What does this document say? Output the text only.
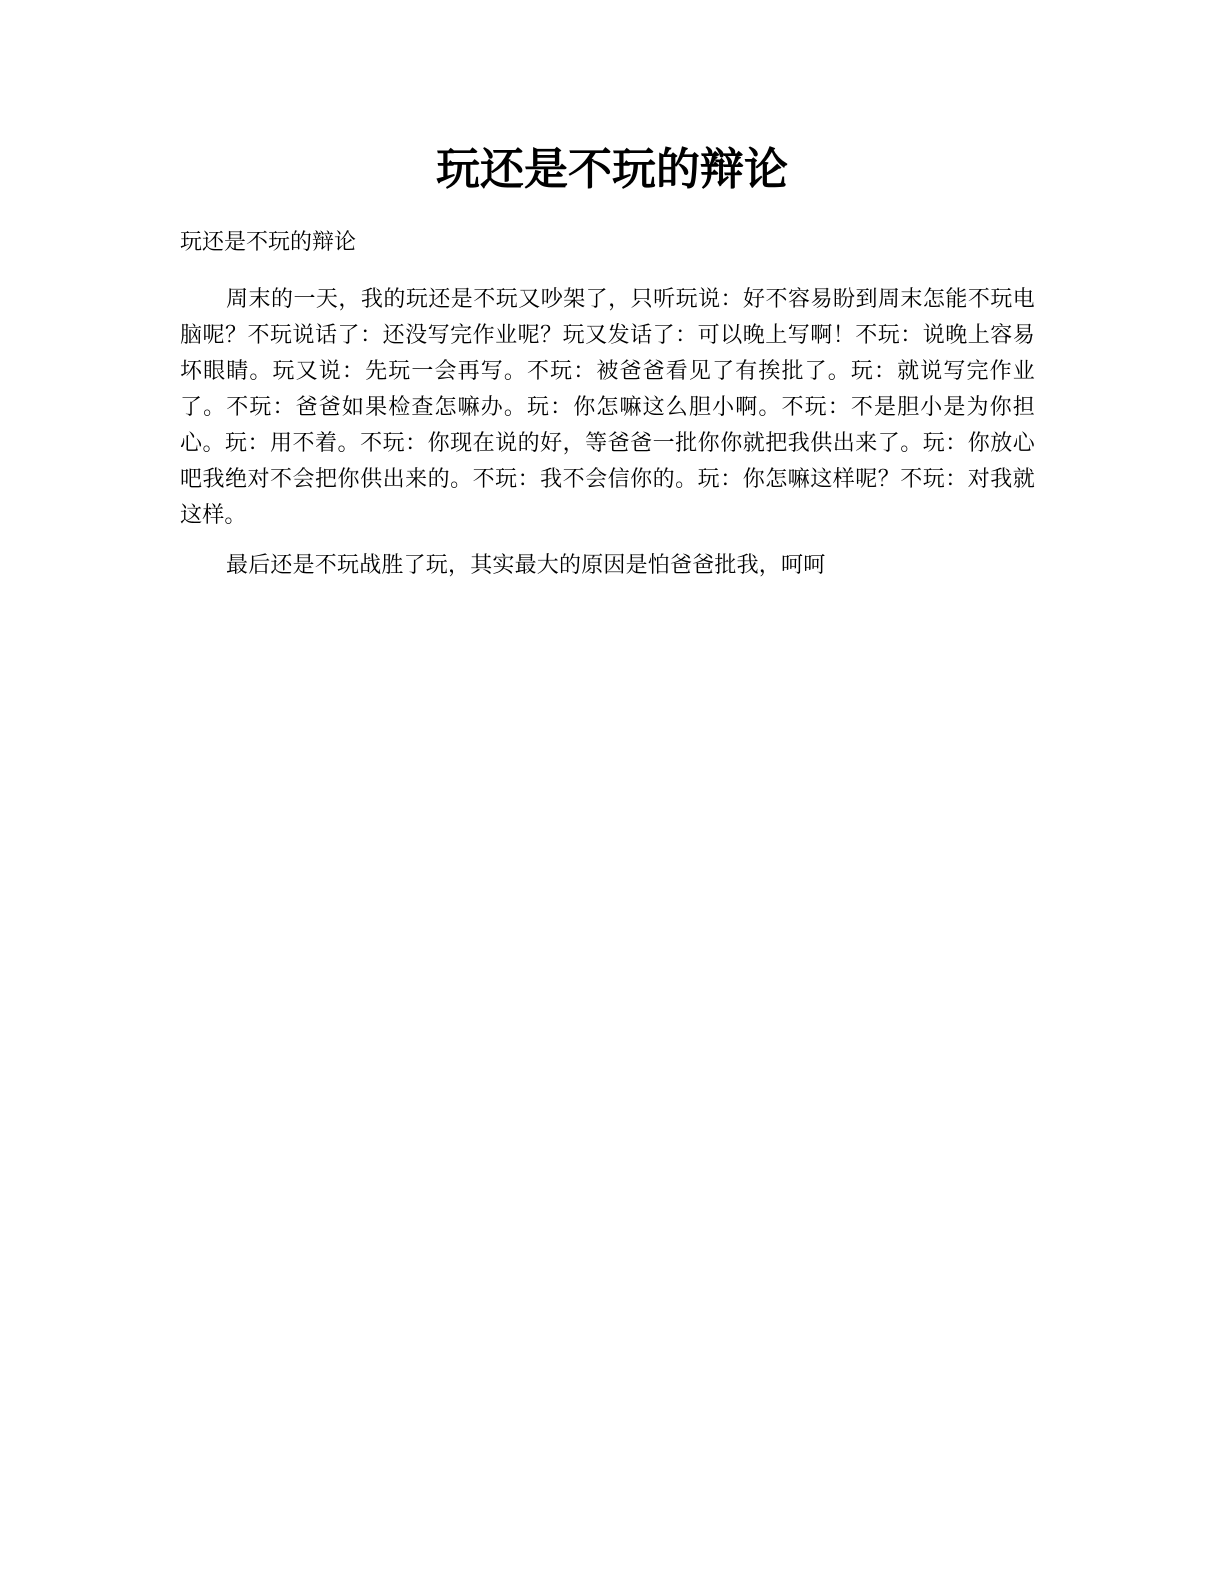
玩还是不玩的辩论

玩还是不玩的辩论

周末的一天，我的玩还是不玩又吵架了，只听玩说：好不容易盼到周末怎能不玩电脑呢？不玩说话了：还没写完作业呢？玩又发话了：可以晚上写啊！不玩：说晚上容易坏眼睛。玩又说：先玩一会再写。不玩：被爸爸看见了有挨批了。玩：就说写完作业了。不玩：爸爸如果检查怎嘛办。玩：你怎嘛这么胆小啊。不玩：不是胆小是为你担心。玩：用不着。不玩：你现在说的好，等爸爸一批你你就把我供出来了。玩：你放心吧我绝对不会把你供出来的。不玩：我不会信你的。玩：你怎嘛这样呢？不玩：对我就这样。

最后还是不玩战胜了玩，其实最大的原因是怕爸爸批我，呵呵
